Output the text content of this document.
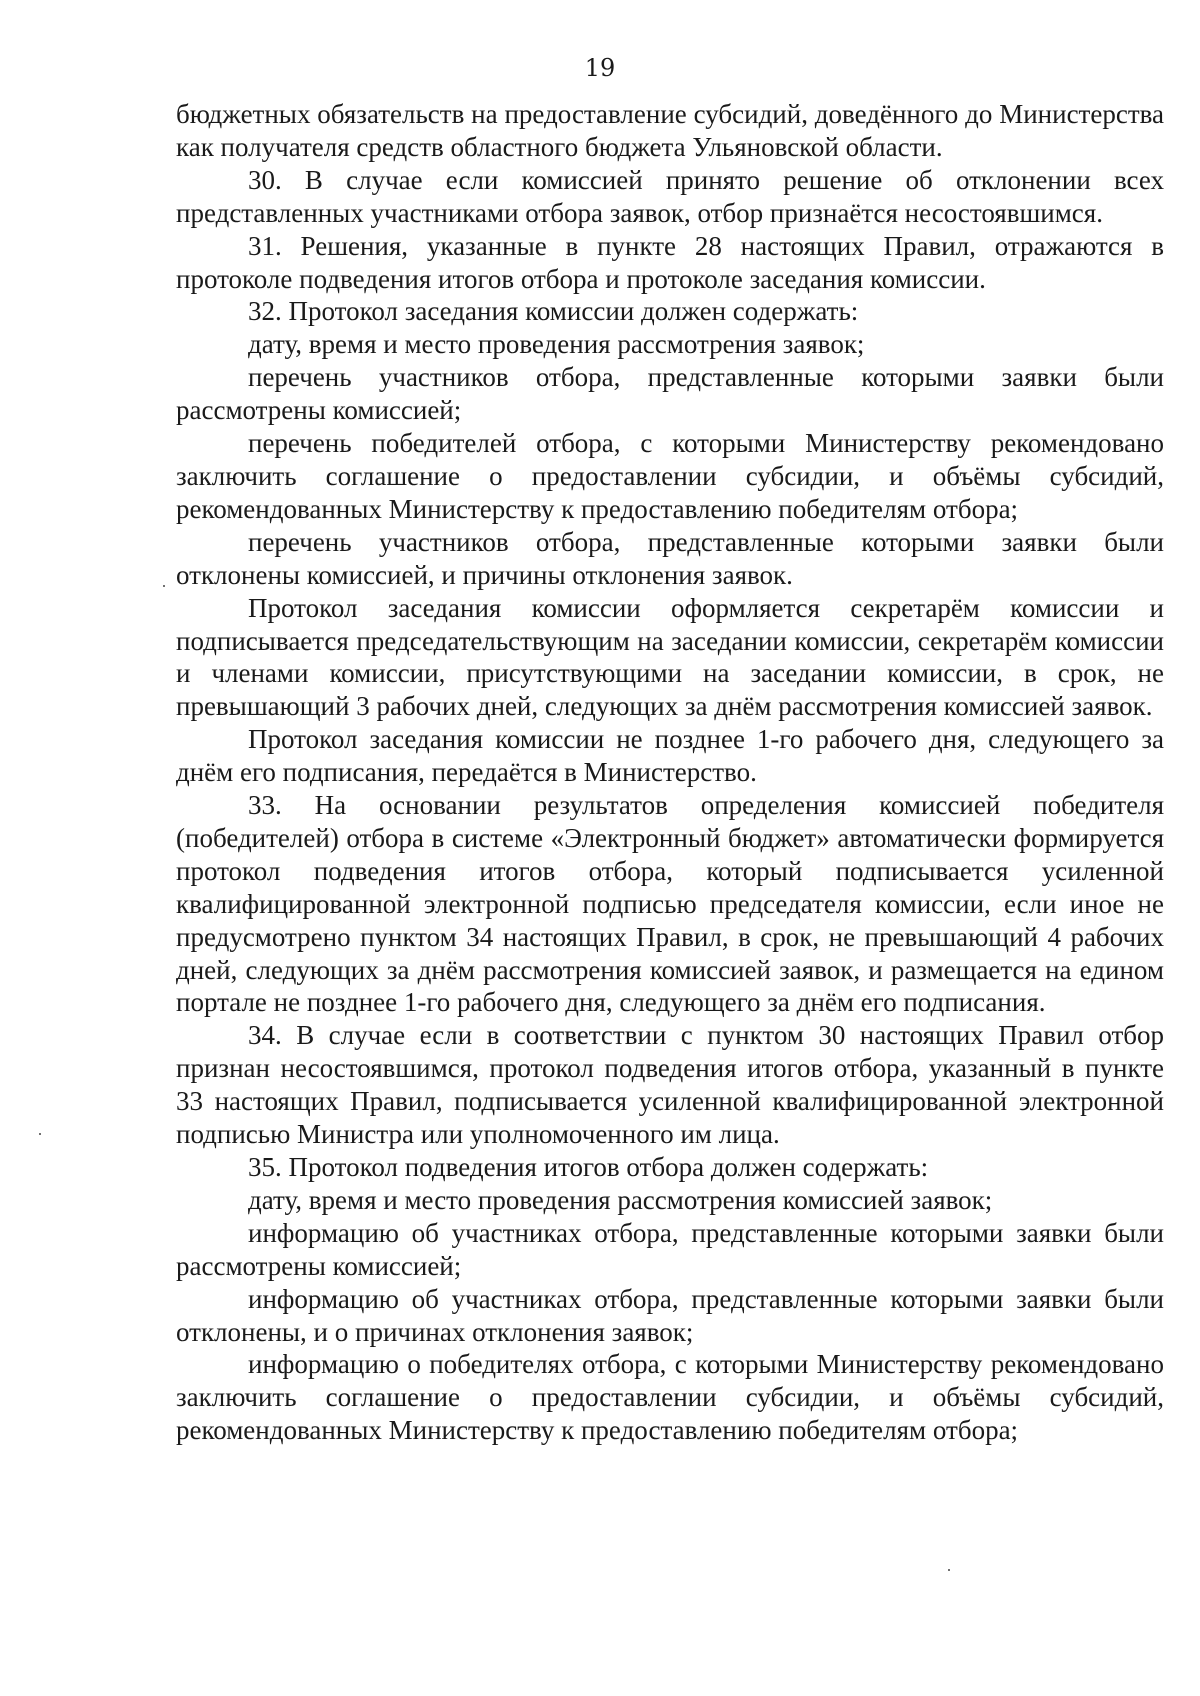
19

бюджетных обязательств на предоставление субсидий, доведённого до Министерства как получателя средств областного бюджета Ульяновской области.

30. В случае если комиссией принято решение об отклонении всех представленных участниками отбора заявок, отбор признаётся несостоявшимся.

31. Решения, указанные в пункте 28 настоящих Правил, отражаются в протоколе подведения итогов отбора и протоколе заседания комиссии.

32. Протокол заседания комиссии должен содержать:

дату, время и место проведения рассмотрения заявок;

перечень участников отбора, представленные которыми заявки были рассмотрены комиссией;

перечень победителей отбора, с которыми Министерству рекомендовано заключить соглашение о предоставлении субсидии, и объёмы субсидий, рекомендованных Министерству к предоставлению победителям отбора;

перечень участников отбора, представленные которыми заявки были отклонены комиссией, и причины отклонения заявок.

Протокол заседания комиссии оформляется секретарём комиссии и подписывается председательствующим на заседании комиссии, секретарём комиссии и членами комиссии, присутствующими на заседании комиссии, в срок, не превышающий 3 рабочих дней, следующих за днём рассмотрения комиссией заявок.

Протокол заседания комиссии не позднее 1-го рабочего дня, следующего за днём его подписания, передаётся в Министерство.

33. На основании результатов определения комиссией победителя (победителей) отбора в системе «Электронный бюджет» автоматически формируется протокол подведения итогов отбора, который подписывается усиленной квалифицированной электронной подписью председателя комиссии, если иное не предусмотрено пунктом 34 настоящих Правил, в срок, не превышающий 4 рабочих дней, следующих за днём рассмотрения комиссией заявок, и размещается на едином портале не позднее 1-го рабочего дня, следующего за днём его подписания.

34. В случае если в соответствии с пунктом 30 настоящих Правил отбор признан несостоявшимся, протокол подведения итогов отбора, указанный в пункте 33 настоящих Правил, подписывается усиленной квалифицированной электронной подписью Министра или уполномоченного им лица.

35. Протокол подведения итогов отбора должен содержать:

дату, время и место проведения рассмотрения комиссией заявок;

информацию об участниках отбора, представленные которыми заявки были рассмотрены комиссией;

информацию об участниках отбора, представленные которыми заявки были отклонены, и о причинах отклонения заявок;

информацию о победителях отбора, с которыми Министерству рекомендовано заключить соглашение о предоставлении субсидии, и объёмы субсидий, рекомендованных Министерству к предоставлению победителям отбора;
